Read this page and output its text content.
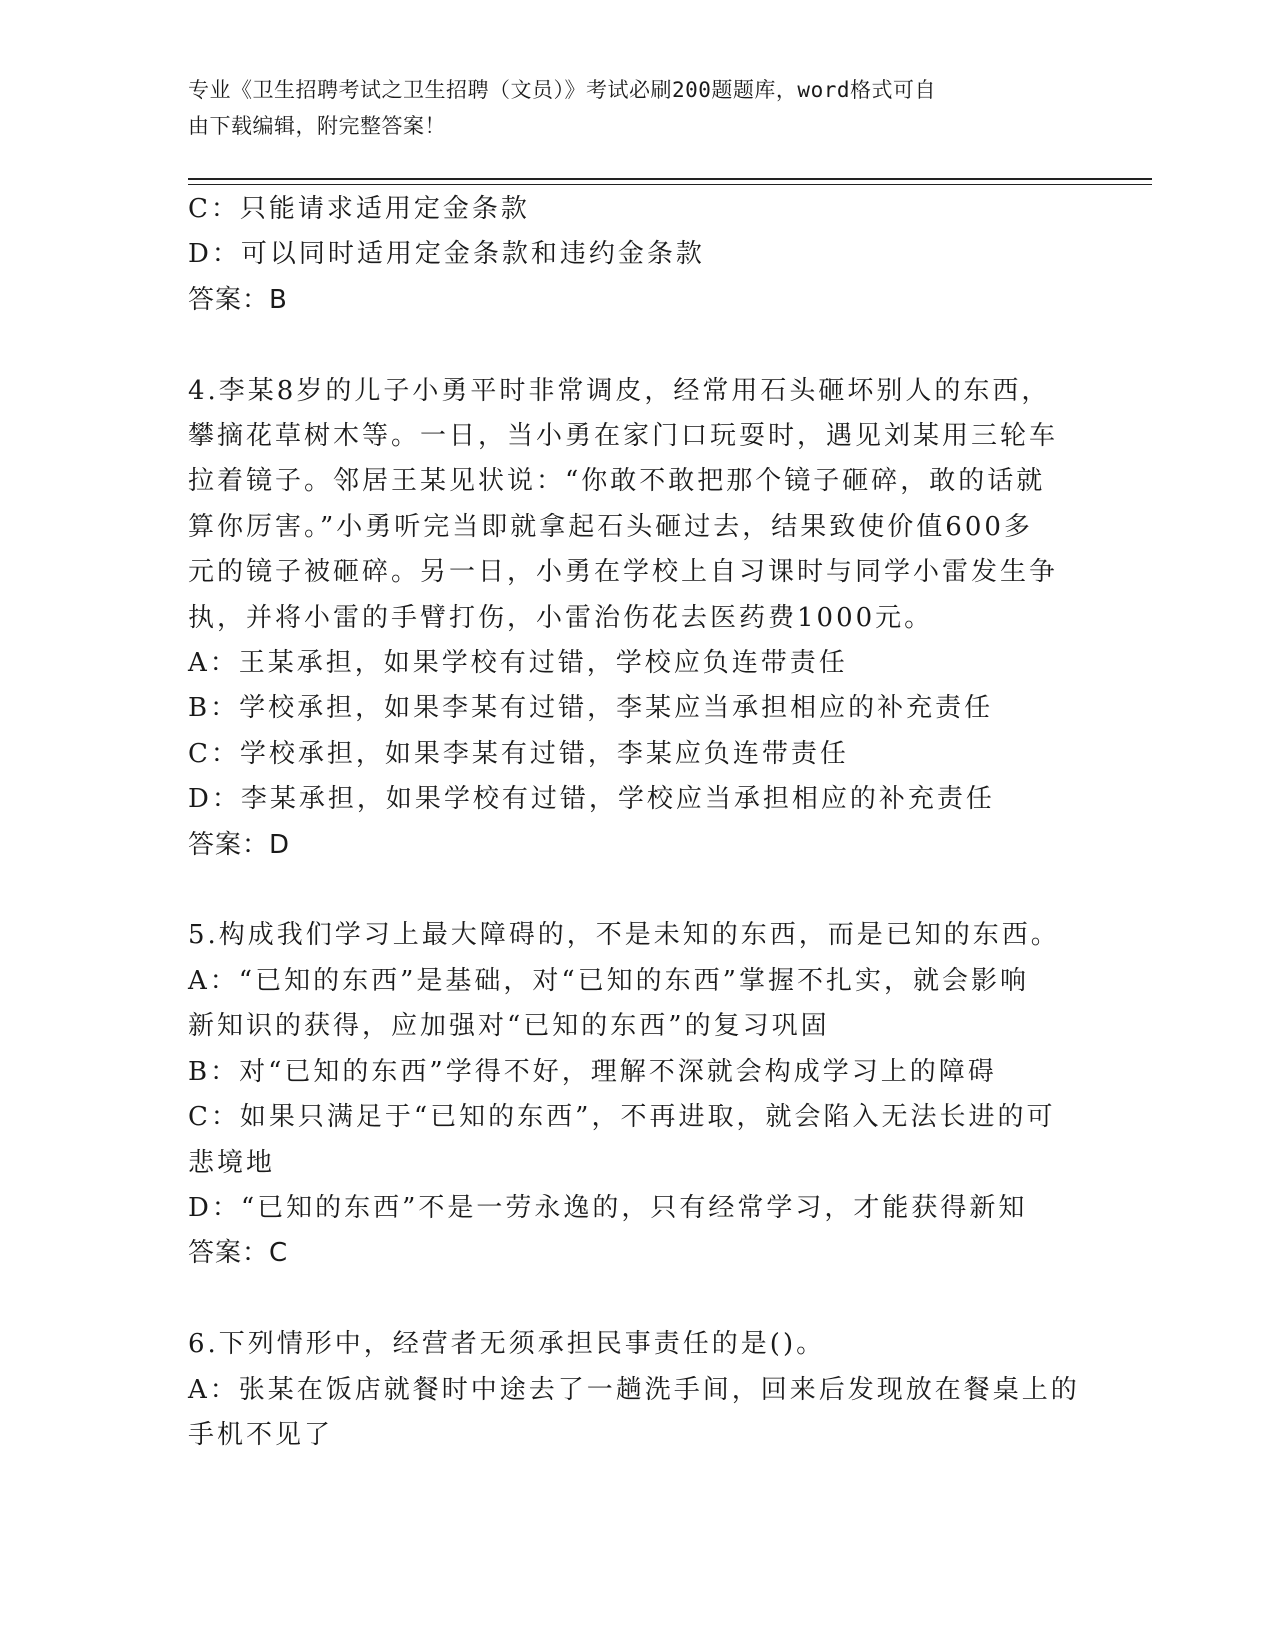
专业《卫生招聘考试之卫生招聘（文员）》考试必刷200题题库，word格式可自
由下载编辑，附完整答案！
C：只能请求适用定金条款
D：可以同时适用定金条款和违约金条款
答案：B
4.李某8岁的儿子小勇平时非常调皮，经常用石头砸坏别人的东西，
攀摘花草树木等。一日，当小勇在家门口玩耍时，遇见刘某用三轮车
拉着镜子。邻居王某见状说：“你敢不敢把那个镜子砸碎，敢的话就
算你厉害。”小勇听完当即就拿起石头砸过去，结果致使价值600多
元的镜子被砸碎。另一日，小勇在学校上自习课时与同学小雷发生争
执，并将小雷的手臂打伤，小雷治伤花去医药费1000元。
A：王某承担，如果学校有过错，学校应负连带责任
B：学校承担，如果李某有过错，李某应当承担相应的补充责任
C：学校承担，如果李某有过错，李某应负连带责任
D：李某承担，如果学校有过错，学校应当承担相应的补充责任
答案：D
5.构成我们学习上最大障碍的，不是未知的东西，而是已知的东西。
A：“已知的东西”是基础，对“已知的东西”掌握不扎实，就会影响
新知识的获得，应加强对“已知的东西”的复习巩固
B：对“已知的东西”学得不好，理解不深就会构成学习上的障碍
C：如果只满足于“已知的东西”，不再进取，就会陷入无法长进的可
悲境地
D：“已知的东西”不是一劳永逸的，只有经常学习，才能获得新知
答案：C
6.下列情形中，经营者无须承担民事责任的是()。
A：张某在饭店就餐时中途去了一趟洗手间，回来后发现放在餐桌上的
手机不见了
